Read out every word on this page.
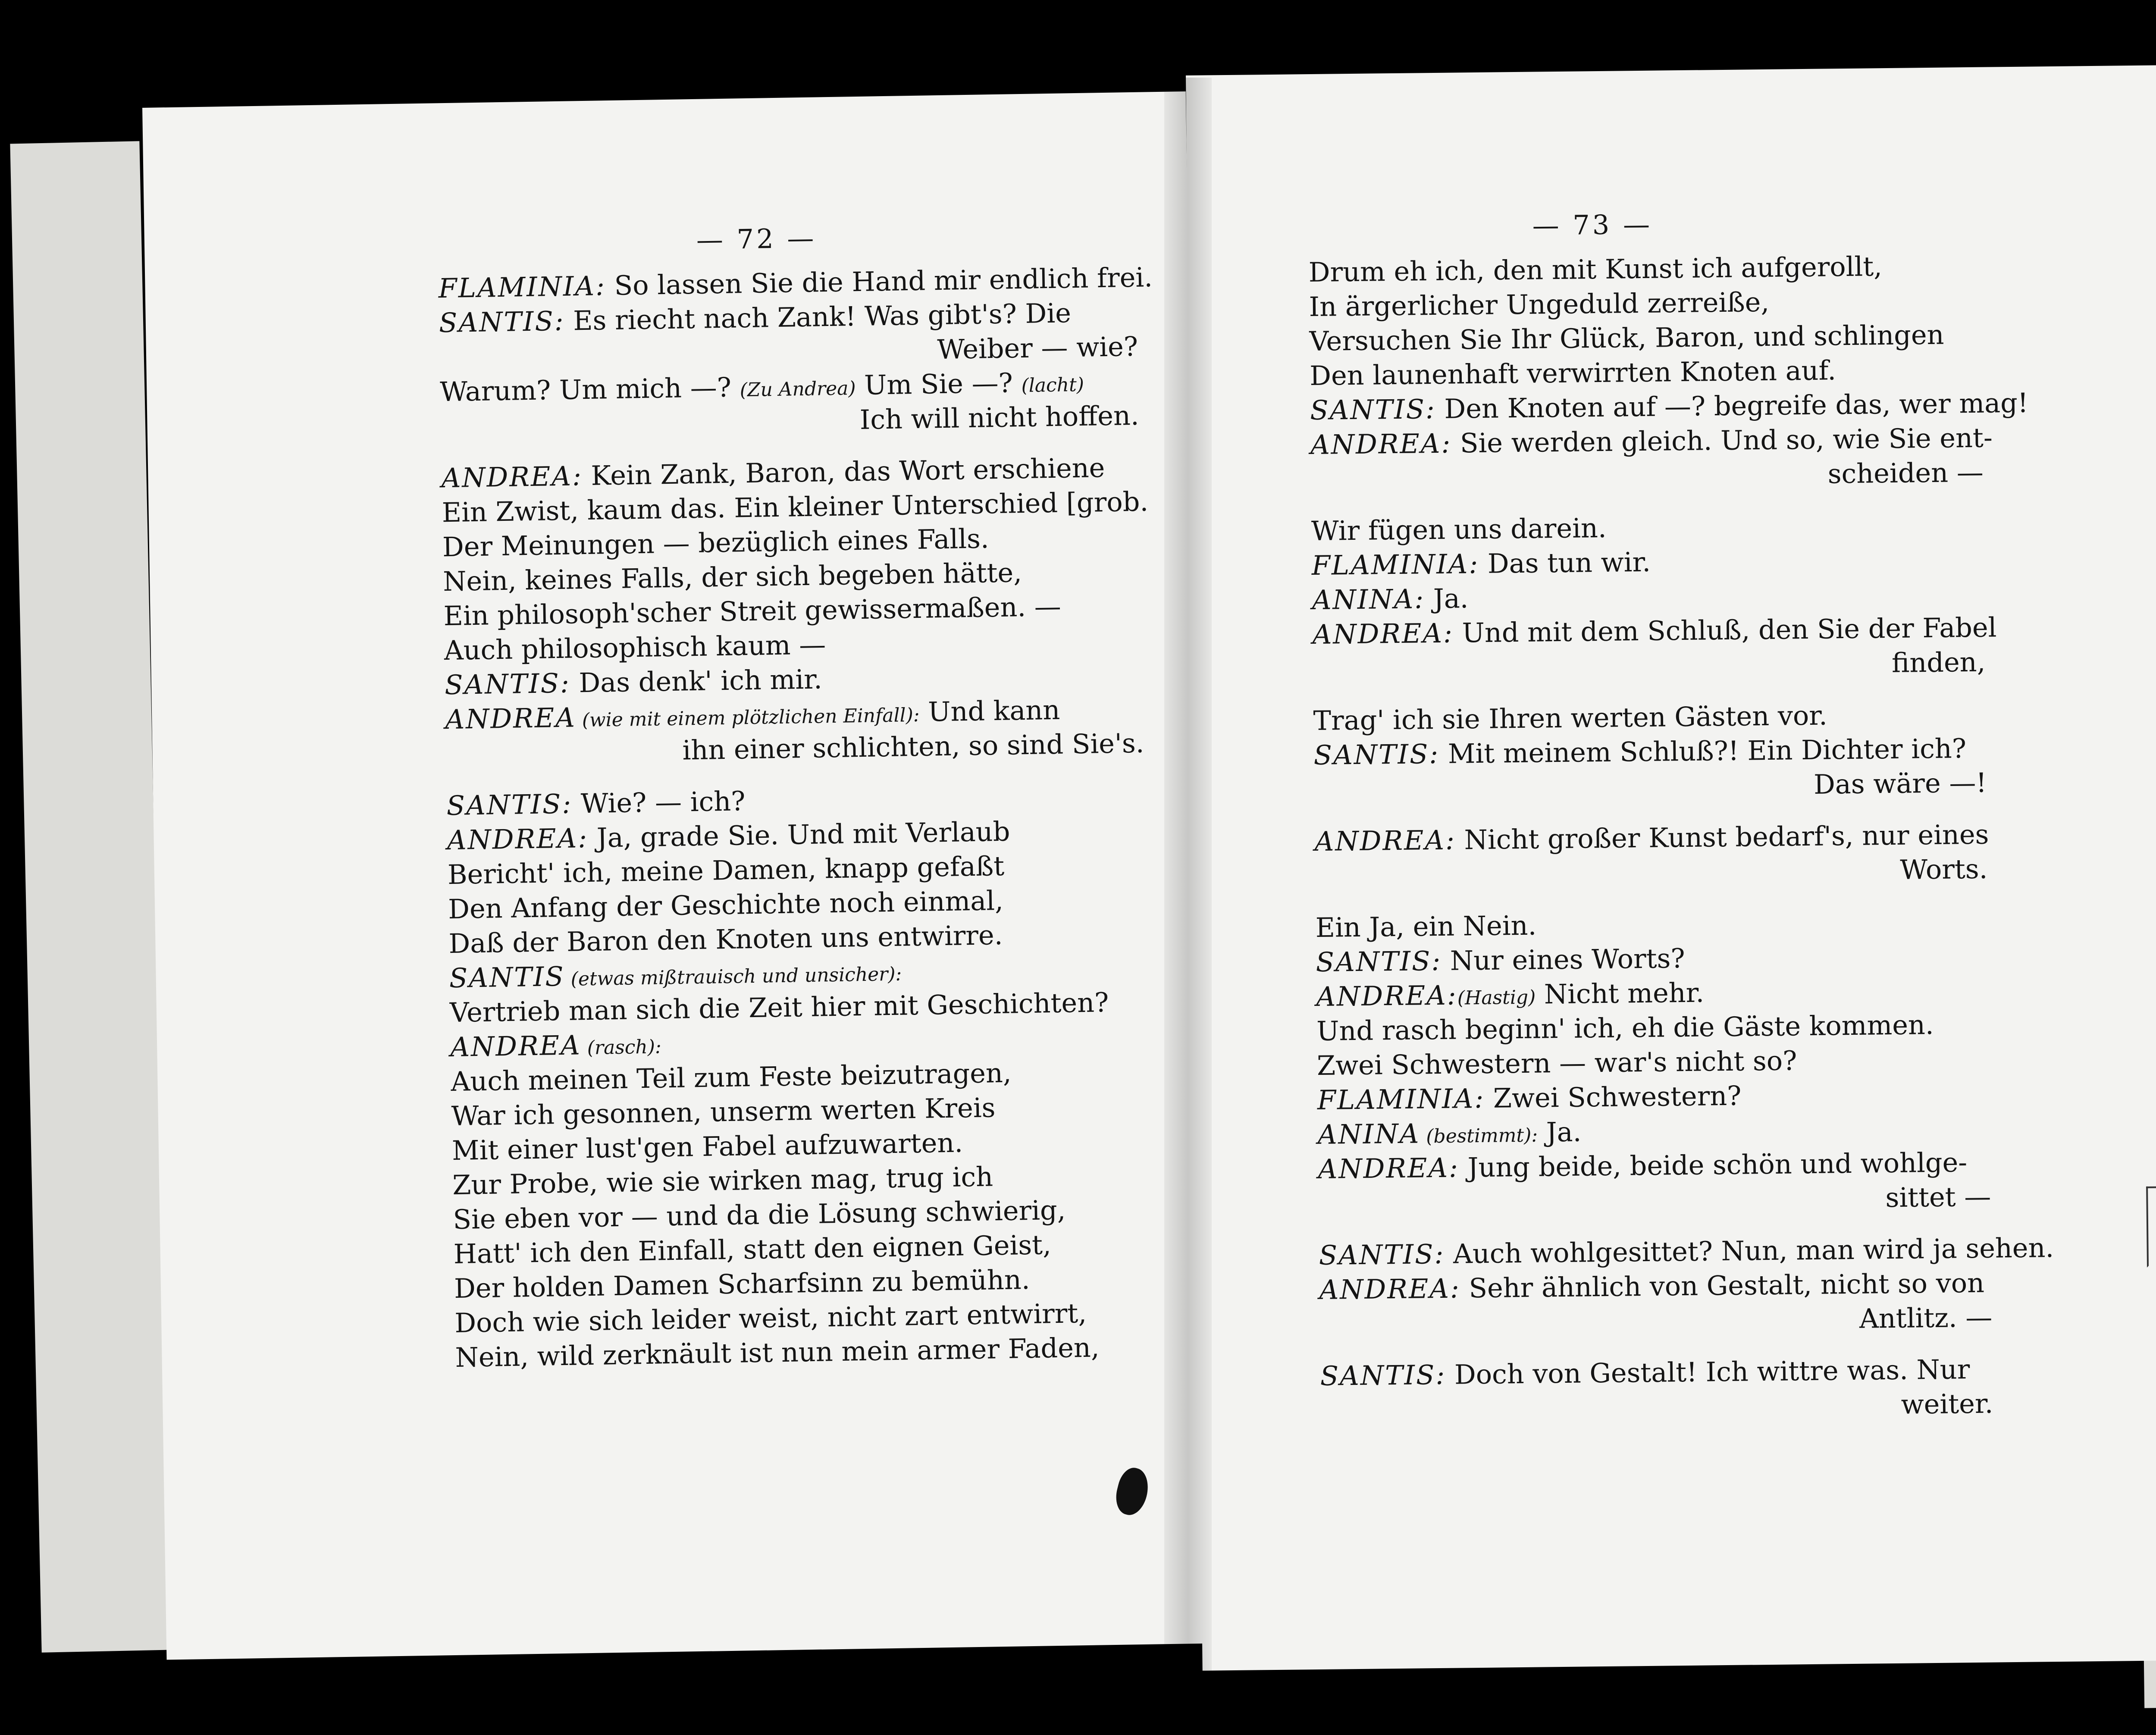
— 72 —
FLAMINIA: So lassen Sie die Hand mir endlich frei.
SANTIS: Es riecht nach Zank! Was gibt's? Die
Weiber — wie?
Warum? Um mich —? (Zu Andrea) Um Sie —? (lacht)
Ich will nicht hoffen.
ANDREA: Kein Zank, Baron, das Wort erschiene
Ein Zwist, kaum das. Ein kleiner Unterschied [grob.
Der Meinungen — bezüglich eines Falls.
Nein, keines Falls, der sich begeben hätte,
Ein philosoph'scher Streit gewissermaßen. —
Auch philosophisch kaum —
SANTIS: Das denk' ich mir.
ANDREA (wie mit einem plötzlichen Einfall): Und kann
ihn einer schlichten, so sind Sie's.
SANTIS: Wie? — ich?
ANDREA: Ja, grade Sie. Und mit Verlaub
Bericht' ich, meine Damen, knapp gefaßt
Den Anfang der Geschichte noch einmal,
Daß der Baron den Knoten uns entwirre.
SANTIS (etwas mißtrauisch und unsicher):
Vertrieb man sich die Zeit hier mit Geschichten?
ANDREA (rasch):
Auch meinen Teil zum Feste beizutragen,
War ich gesonnen, unserm werten Kreis
Mit einer lust'gen Fabel aufzuwarten.
Zur Probe, wie sie wirken mag, trug ich
Sie eben vor — und da die Lösung schwierig,
Hatt' ich den Einfall, statt den eignen Geist,
Der holden Damen Scharfsinn zu bemühn.
Doch wie sich leider weist, nicht zart entwirrt,
Nein, wild zerknäult ist nun mein armer Faden,
— 73 —
Drum eh ich, den mit Kunst ich aufgerollt,
In ärgerlicher Ungeduld zerreiße,
Versuchen Sie Ihr Glück, Baron, und schlingen
Den launenhaft verwirrten Knoten auf.
SANTIS: Den Knoten auf —? begreife das, wer mag!
ANDREA: Sie werden gleich. Und so, wie Sie ent-
scheiden —
Wir fügen uns darein.
FLAMINIA: Das tun wir.
ANINA: Ja.
ANDREA: Und mit dem Schluß, den Sie der Fabel
finden,
Trag' ich sie Ihren werten Gästen vor.
SANTIS: Mit meinem Schluß?! Ein Dichter ich?
Das wäre —!
ANDREA: Nicht großer Kunst bedarf's, nur eines
Worts.
Ein Ja, ein Nein.
SANTIS: Nur eines Worts?
ANDREA:(Hastig) Nicht mehr.
Und rasch beginn' ich, eh die Gäste kommen.
Zwei Schwestern — war's nicht so?
FLAMINIA: Zwei Schwestern?
ANINA (bestimmt): Ja.
ANDREA: Jung beide, beide schön und wohlge-
sittet —
SANTIS: Auch wohlgesittet? Nun, man wird ja sehen.
ANDREA: Sehr ähnlich von Gestalt, nicht so von
Antlitz. —
SANTIS: Doch von Gestalt! Ich wittre was. Nur
weiter.
